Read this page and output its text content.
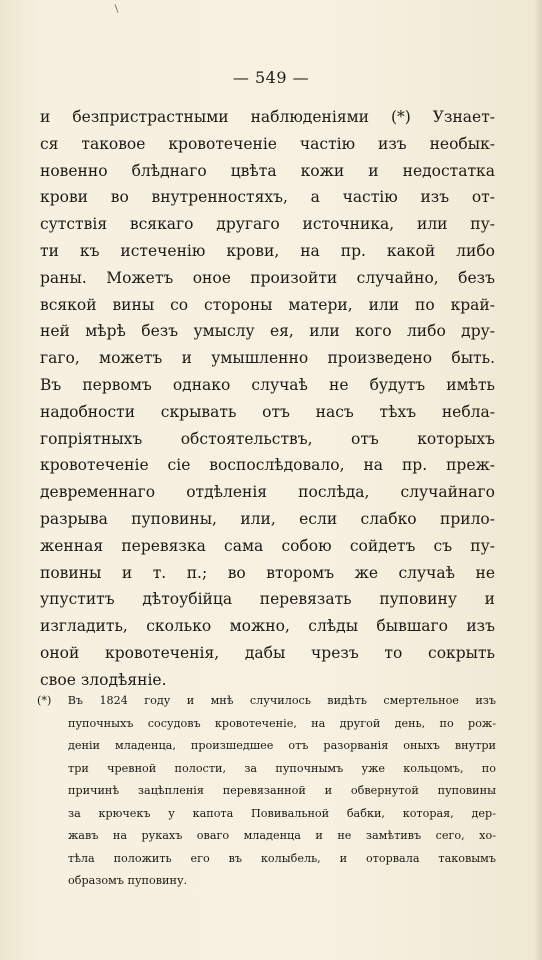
— 549 —
и безпристрастными наблюденіями (*) Узнает-
ся таковое кровотеченіе частію изъ необык-
новенно блѣднаго цвѣта кожи и недостатка
крови во внутренностяхъ, а частію изъ от-
сутствія всякаго другаго источника, или пу-
ти къ истеченію крови, на пр. какой либо
раны. Можетъ оное произойти случайно, безъ
всякой вины со стороны матери, или по край-
ней мѣрѣ безъ умыслу ея, или кого либо дру-
гаго, можетъ и умышленно произведено быть.
Въ первомъ однако случаѣ не будутъ имѣть
надобности скрывать отъ насъ тѣхъ небла-
гопріятныхъ обстоятельствъ, отъ которыхъ
кровотеченіе сіе воспослѣдовало, на пр. преж-
девременнаго отдѣленія послѣда, случайнаго
разрыва пуповины, или, если слабко прило-
женная перевязка сама собою сойдетъ съ пу-
повины и т. п.; во второмъ же случаѣ не
упуститъ дѣтоубійца перевязать пуповину и
изгладить, сколько можно, слѣды бывшаго изъ
оной кровотеченія, дабы чрезъ то сокрыть
свое злодѣяніе.
(*) Въ 1824 году и мнѣ случилось видѣть смертельное изъ
пупочныхъ сосудовъ кровотеченіе, на другой день, по рож-
деніи младенца, произшедшее отъ разорванія оныхъ внутри
три чревной полости, за пупочнымъ уже кольцомъ, по
причинѣ зацѣпленія перевязанной и обвернутой пуповины
за крючекъ у капота Повивальной бабки, которая, дер-
жавъ на рукахъ оваго младенца и не замѣтивъ сего, хо-
тѣла положить его въ колыбель, и оторвала таковымъ
образомъ пуповину.
